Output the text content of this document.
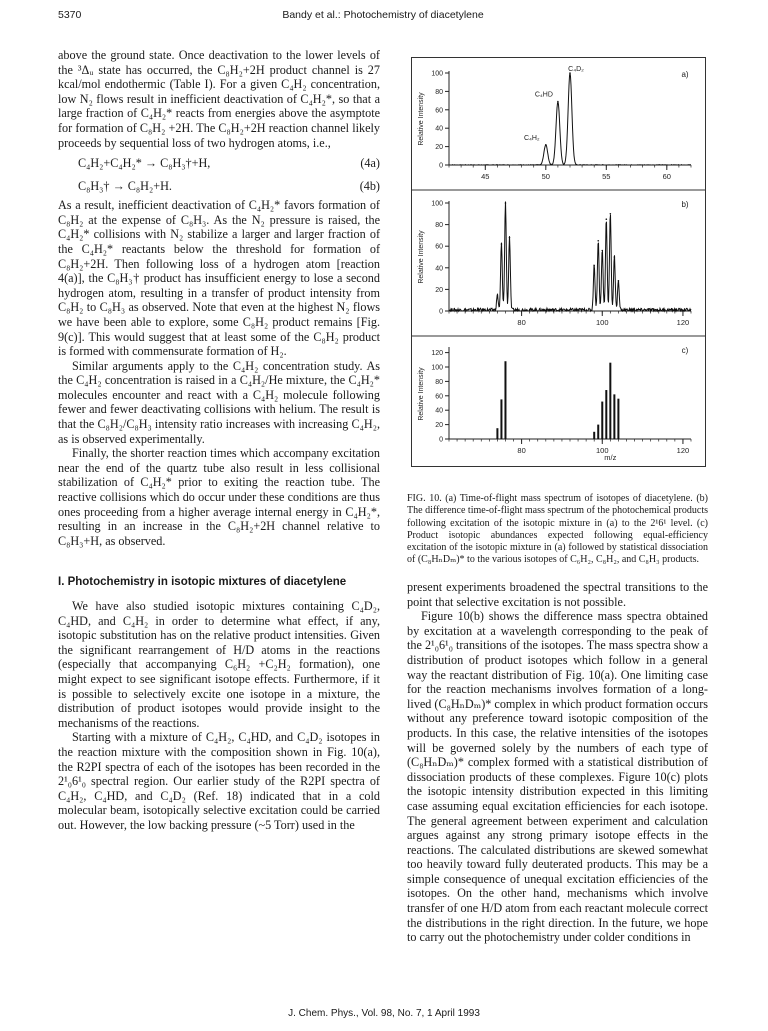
5370	Bandy et al.: Photochemistry of diacetylene

above the ground state. Once deactivation to the lower levels of the ³Δᵤ state has occurred, the C₈H₂+2H product channel is 27 kcal/mol endothermic (Table I). For a given C₄H₂ concentration, low N₂ flows result in inefficient deactivation of C₄H₂*, so that a large fraction of C₄H₂* reacts from energies above the asymptote for formation of C₈H₂ +2H. The C₈H₂+2H reaction channel likely proceeds by sequential loss of two hydrogen atoms, i.e.,

C₄H₂+C₄H₂* → C₈H₃†+H,	(4a)
C₈H₃† → C₈H₂+H.	(4b)

As a result, inefficient deactivation of C₄H₂* favors formation of C₈H₂ at the expense of C₈H₃. As the N₂ pressure is raised, the C₄H₂* collisions with N₂ stabilize a larger and larger fraction of the C₄H₂* reactants below the threshold for formation of C₈H₂+2H. Then following loss of a hydrogen atom [reaction 4(a)], the C₈H₃† product has insufficient energy to lose a second hydrogen atom, resulting in a transfer of product intensity from C₈H₂ to C₈H₃ as observed. Note that even at the highest N₂ flows we have been able to explore, some C₈H₂ product remains [Fig. 9(c)]. This would suggest that at least some of the C₈H₂ product is formed with commensurate formation of H₂.

Similar arguments apply to the C₄H₂ concentration study. As the C₄H₂ concentration is raised in a C₄H₂/He mixture, the C₄H₂* molecules encounter and react with a C₄H₂ molecule following fewer and fewer deactivating collisions with helium. The result is that the C₈H₂/C₈H₃ intensity ratio increases with increasing C₄H₂, as is observed experimentally.

Finally, the shorter reaction times which accompany excitation near the end of the quartz tube also result in less collisional stabilization of C₄H₂* prior to exiting the reaction tube. The reactive collisions which do occur under these conditions are thus ones proceeding from a higher average internal energy in C₄H₂*, resulting in an increase in the C₈H₂+2H channel relative to C₈H₃+H, as observed.

I. Photochemistry in isotopic mixtures of diacetylene

We have also studied isotopic mixtures containing C₄D₂, C₄HD, and C₄H₂ in order to determine what effect, if any, isotopic substitution has on the relative product intensities. Given the significant rearrangement of H/D atoms in the reactions (especially that accompanying C₆H₂ +C₂H₂ formation), one might expect to see significant isotope effects. Furthermore, if it is possible to selectively excite one isotope in a mixture, the distribution of product isotopes would provide insight to the mechanisms of the reactions.

Starting with a mixture of C₄H₂, C₄HD, and C₄D₂ isotopes in the reaction mixture with the composition shown in Fig. 10(a), the R2PI spectra of each of the isotopes has been recorded in the 2¹₀6¹₀ spectral region. Our earlier study of the R2PI spectra of C₄H₂, C₄HD, and C₄D₂ (Ref. 18) indicated that in a cold molecular beam, isotopically selective excitation could be carried out. However, the low backing pressure (~5 Torr) used in the

45	50	55	60
0
20
40
60
80
100
Relative Intensity
a)
C₄H₂
C₄HD
C₄D₂
80	100	120
0
20
40
60
80
100
Relative Intensity
b)
80	100	120
0
20
40
60
80
100
120
Relative Intensity
c)
m/z
FIG. 10. (a) Time-of-flight mass spectrum of isotopes of diacetylene. (b) The difference time-of-flight mass spectrum of the photochemical products following excitation of the isotopic mixture in (a) to the 2¹6¹ level. (c) Product isotopic abundances expected following equal-efficiency excitation of the isotopic mixture in (a) followed by statistical dissociation of (C₈HₙDₘ)* to the various isotopes of C₆H₂, C₈H₂, and C₈H₃ products.

present experiments broadened the spectral transitions to the point that selective excitation is not possible.

Figure 10(b) shows the difference mass spectra obtained by excitation at a wavelength corresponding to the peak of the 2¹₀6¹₀ transitions of the isotopes. The mass spectra show a distribution of product isotopes which follow in a general way the reactant distribution of Fig. 10(a). One limiting case for the reaction mechanisms involves formation of a long-lived (C₈HₙDₘ)* complex in which product formation occurs without any preference toward isotopic composition of the products. In this case, the relative intensities of the isotopes will be governed solely by the numbers of each type of (C₈HₙDₘ)* complex formed with a statistical distribution of dissociation products of these complexes. Figure 10(c) plots the isotopic intensity distribution expected in this limiting case assuming equal excitation efficiencies for each isotope. The general agreement between experiment and calculation argues against any strong primary isotope effects in the reactions. The calculated distributions are skewed somewhat too heavily toward fully deuterated products. This may be a simple consequence of unequal excitation efficiencies of the isotopes. On the other hand, mechanisms which involve transfer of one H/D atom from each reactant molecule correct the distributions in the right direction. In the future, we hope to carry out the photochemistry under colder conditions in

J. Chem. Phys., Vol. 98, No. 7, 1 April 1993
